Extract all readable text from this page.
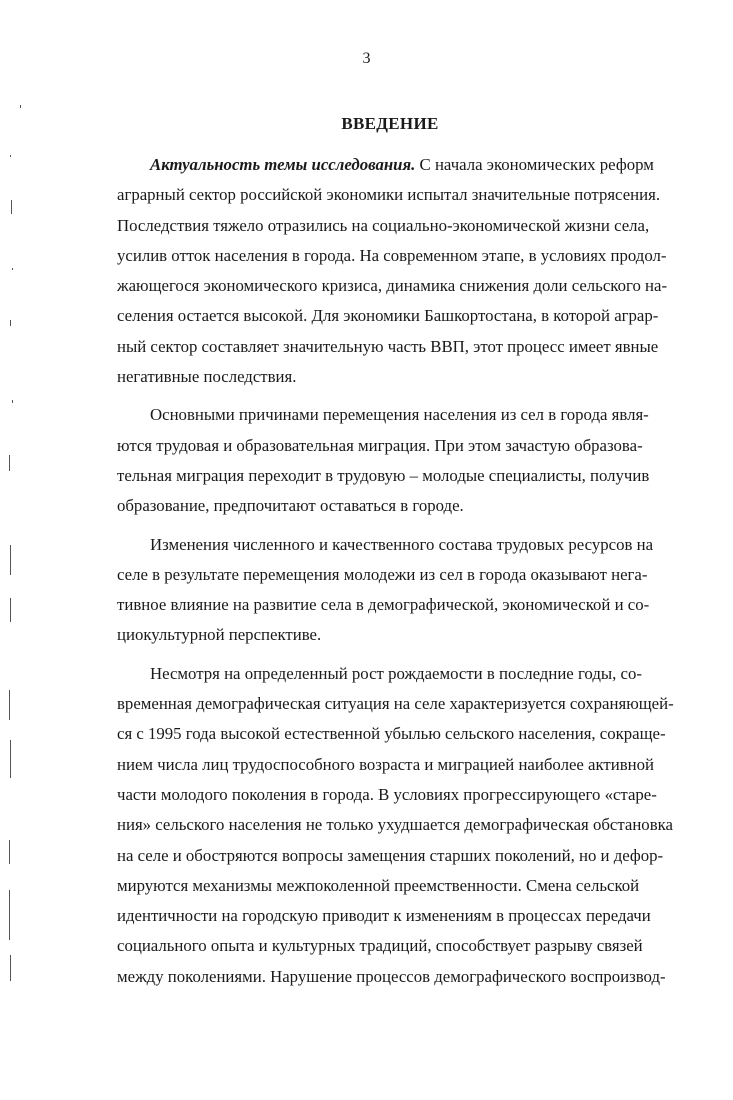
3
ВВЕДЕНИЕ

Актуальность темы исследования. С начала экономических реформ
аграрный сектор российской экономики испытал значительные потрясения.
Последствия тяжело отразились на социально-экономической жизни села,
усилив отток населения в города. На современном этапе, в условиях продол-
жающегося экономического кризиса, динамика снижения доли сельского на-
селения остается высокой. Для экономики Башкортостана, в которой аграр-
ный сектор составляет значительную часть ВВП, этот процесс имеет явные
негативные последствия.

Основными причинами перемещения населения из сел в города явля-
ются трудовая и образовательная миграция. При этом зачастую образова-
тельная миграция переходит в трудовую – молодые специалисты, получив
образование, предпочитают оставаться в городе.

Изменения численного и качественного состава трудовых ресурсов на
селе в результате перемещения молодежи из сел в города оказывают нега-
тивное влияние на развитие села в демографической, экономической и со-
циокультурной перспективе.

Несмотря на определенный рост рождаемости в последние годы, со-
временная демографическая ситуация на селе характеризуется сохраняющей-
ся с 1995 года высокой естественной убылью сельского населения, сокраще-
нием числа лиц трудоспособного возраста и миграцией наиболее активной
части молодого поколения в города. В условиях прогрессирующего «старе-
ния» сельского населения не только ухудшается демографическая обстановка
на селе и обостряются вопросы замещения старших поколений, но и дефор-
мируются механизмы межпоколенной преемственности. Смена сельской
идентичности на городскую приводит к изменениям в процессах передачи
социального опыта и культурных традиций, способствует разрыву связей
между поколениями. Нарушение процессов демографического воспроизвод-
